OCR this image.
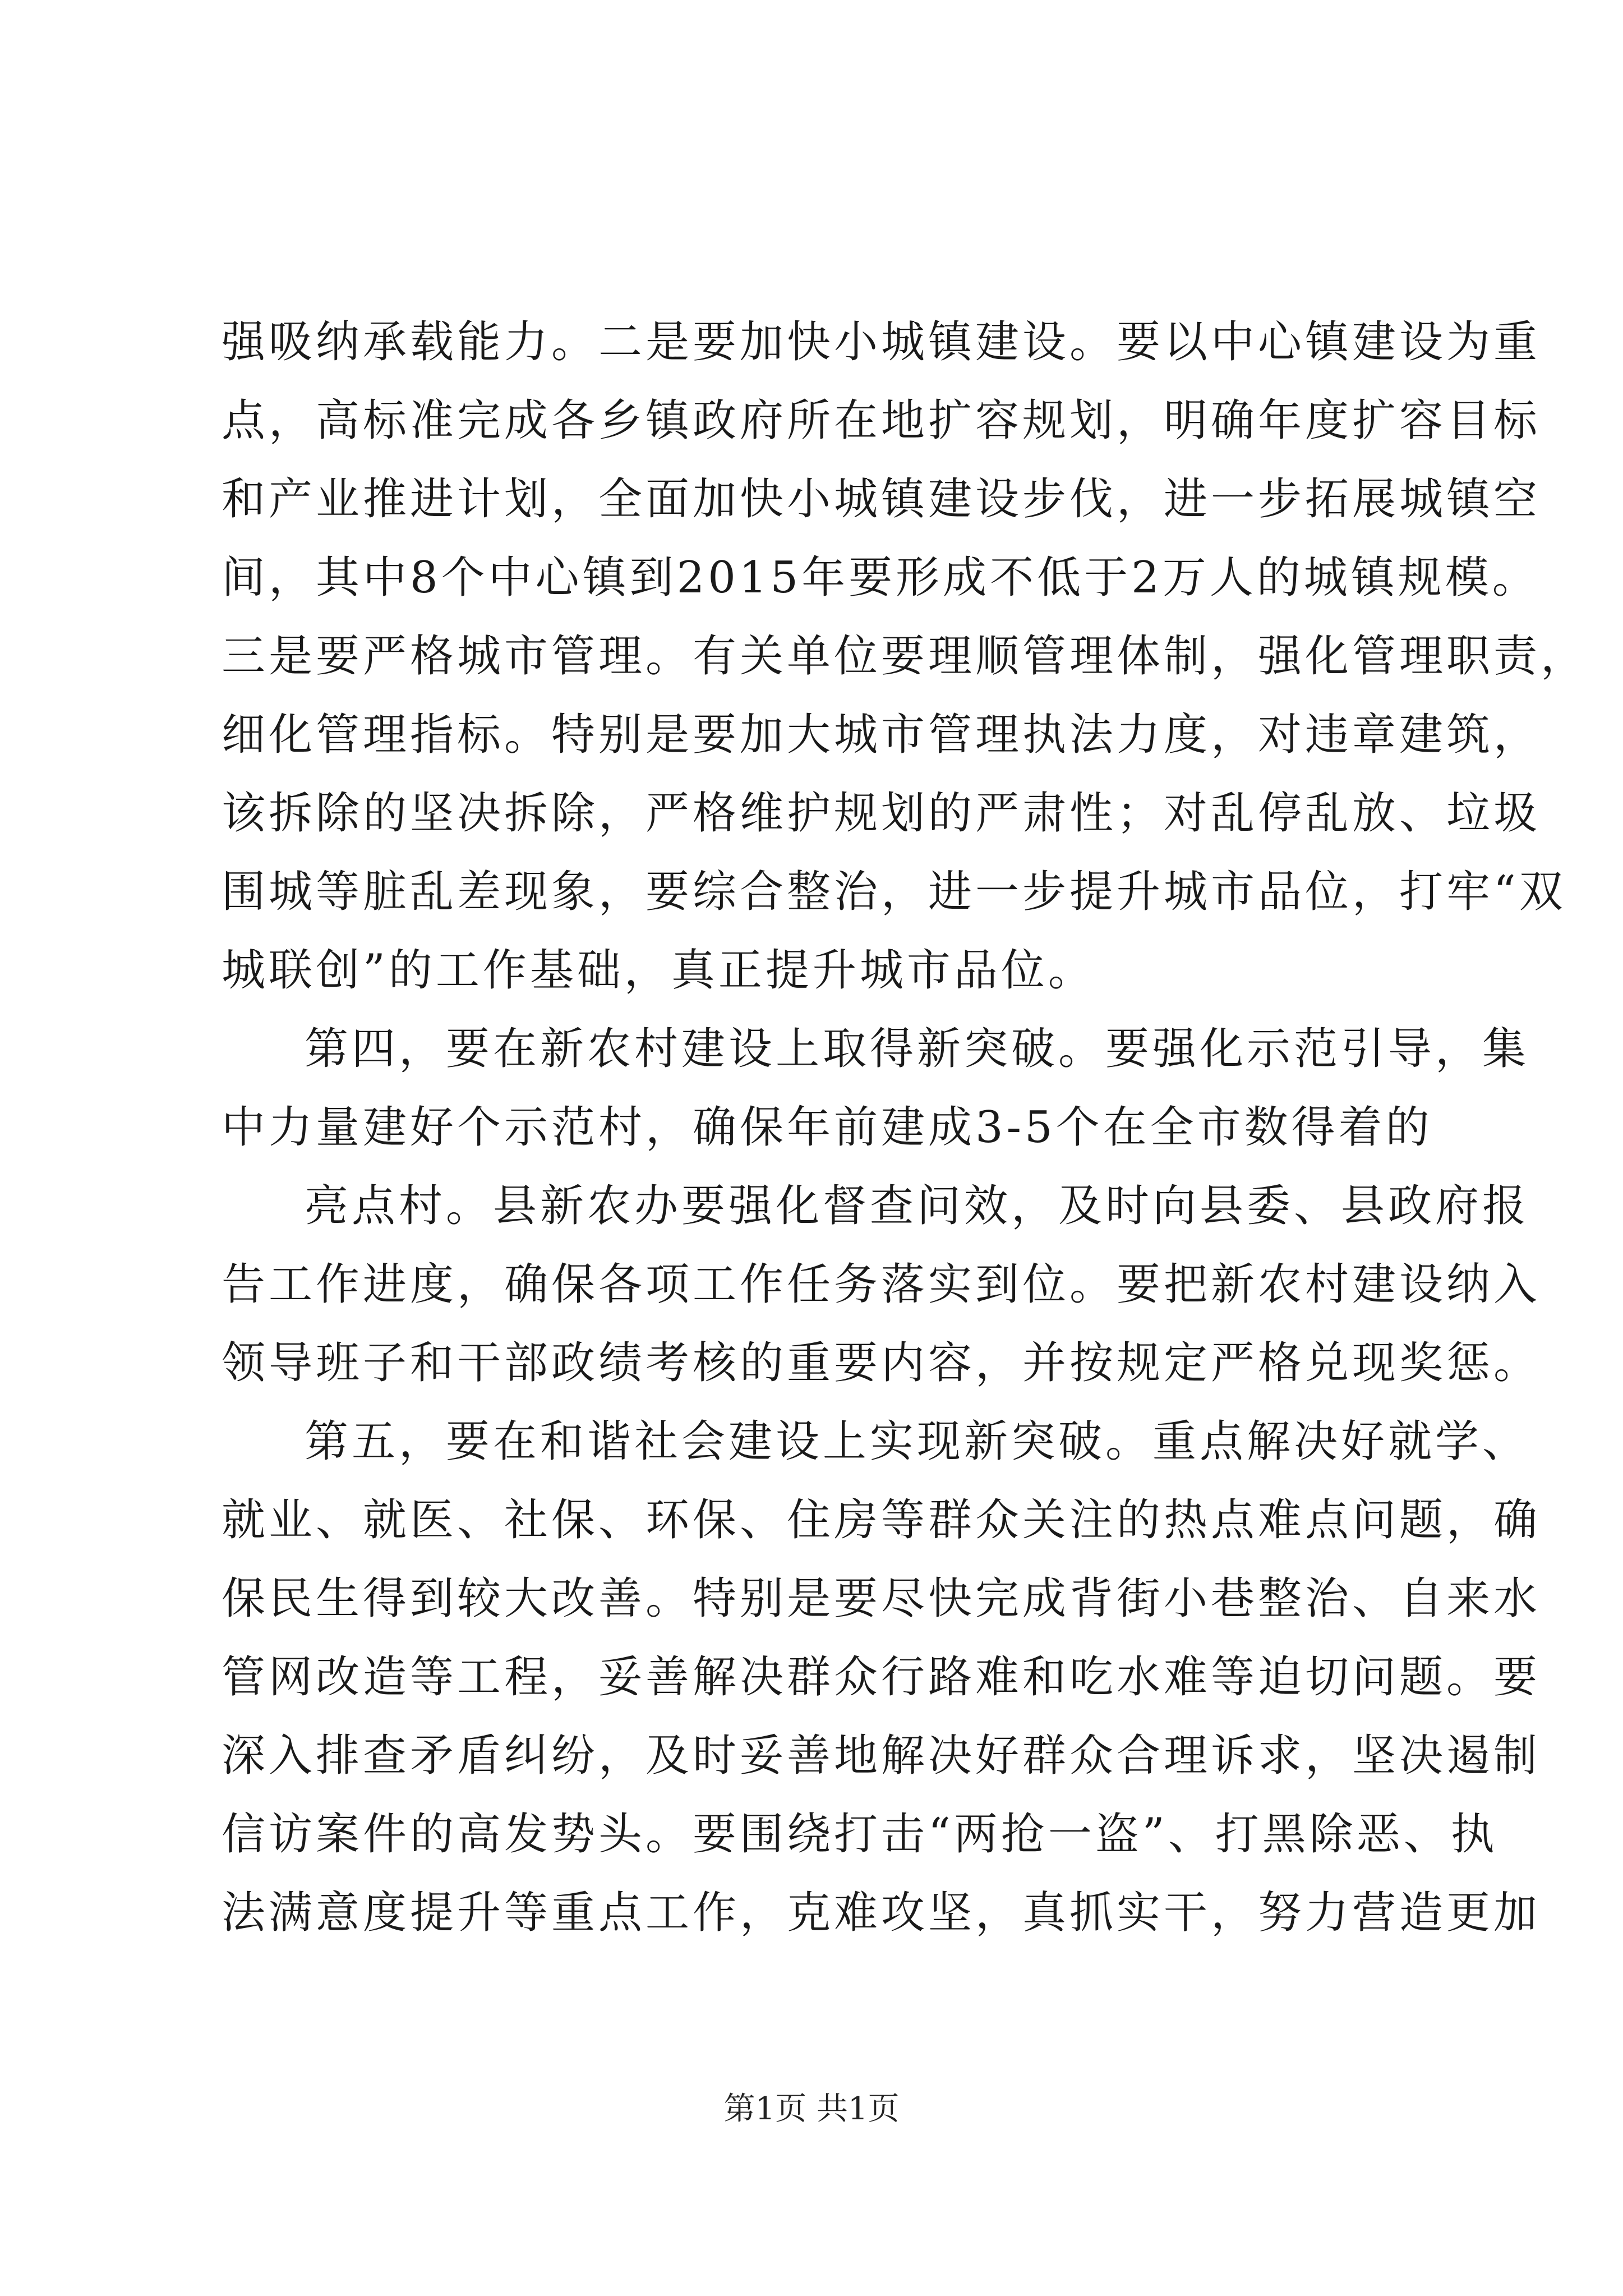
强吸纳承载能力。二是要加快小城镇建设。要以中心镇建设为重
点，高标准完成各乡镇政府所在地扩容规划，明确年度扩容目标
和产业推进计划，全面加快小城镇建设步伐，进一步拓展城镇空
间，其中8个中心镇到2015年要形成不低于2万人的城镇规模。
三是要严格城市管理。有关单位要理顺管理体制，强化管理职责，
细化管理指标。特别是要加大城市管理执法力度，对违章建筑，
该拆除的坚决拆除，严格维护规划的严肃性；对乱停乱放、垃圾
围城等脏乱差现象，要综合整治，进一步提升城市品位，打牢“双
城联创”的工作基础，真正提升城市品位。
第四，要在新农村建设上取得新突破。要强化示范引导，集
中力量建好个示范村，确保年前建成3-5个在全市数得着的
亮点村。县新农办要强化督查问效，及时向县委、县政府报
告工作进度，确保各项工作任务落实到位。要把新农村建设纳入
领导班子和干部政绩考核的重要内容，并按规定严格兑现奖惩。
第五，要在和谐社会建设上实现新突破。重点解决好就学、
就业、就医、社保、环保、住房等群众关注的热点难点问题，确
保民生得到较大改善。特别是要尽快完成背街小巷整治、自来水
管网改造等工程，妥善解决群众行路难和吃水难等迫切问题。要
深入排查矛盾纠纷，及时妥善地解决好群众合理诉求，坚决遏制
信访案件的高发势头。要围绕打击“两抢一盗”、打黑除恶、执
法满意度提升等重点工作，克难攻坚，真抓实干，努力营造更加
第1页 共1页
